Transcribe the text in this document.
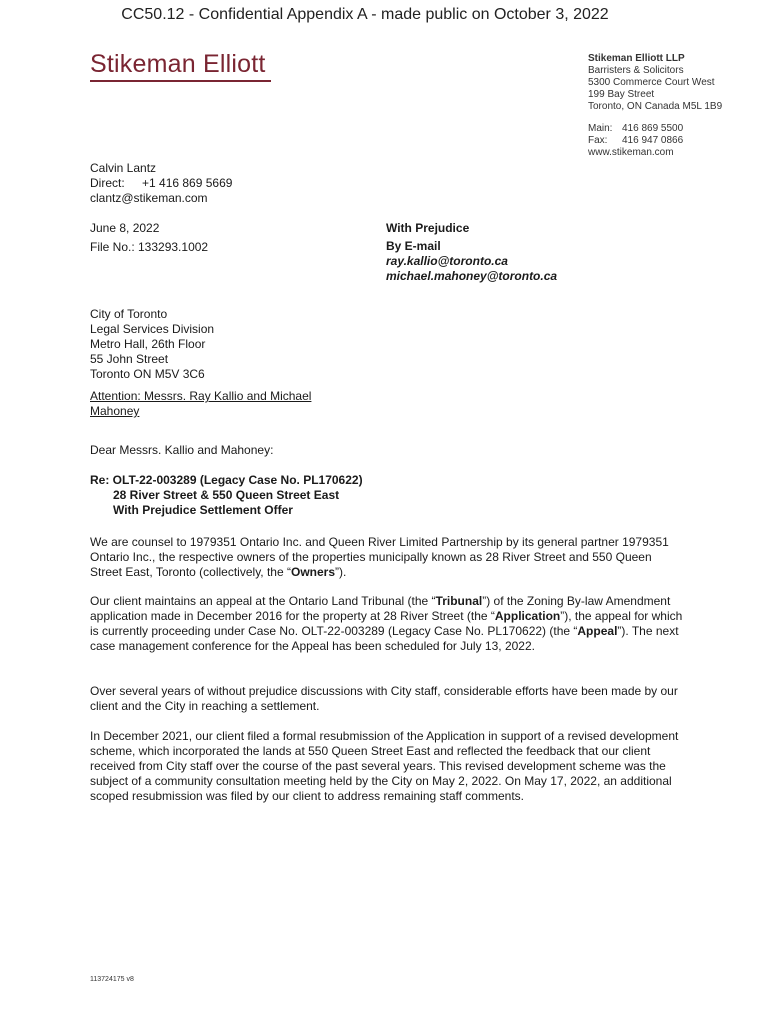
CC50.12 - Confidential Appendix A - made public on October 3, 2022
Stikeman Elliott	Stikeman Elliott LLP
Barristers & Solicitors
5300 Commerce Court West
199 Bay Street
Toronto, ON Canada M5L 1B9
Main: 416 869 5500
Fax: 416 947 0866
www.stikeman.com
Calvin Lantz
Direct: +1 416 869 5669
clantz@stikeman.com
June 8, 2022
File No.: 133293.1002
With Prejudice
By E-mail
ray.kallio@toronto.ca
michael.mahoney@toronto.ca
City of Toronto
Legal Services Division
Metro Hall, 26th Floor
55 John Street
Toronto ON M5V 3C6
Attention: Messrs. Ray Kallio and Michael Mahoney
Dear Messrs. Kallio and Mahoney:
Re: OLT-22-003289 (Legacy Case No. PL170622)
28 River Street & 550 Queen Street East
With Prejudice Settlement Offer

We are counsel to 1979351 Ontario Inc. and Queen River Limited Partnership by its general partner 1979351 Ontario Inc., the respective owners of the properties municipally known as 28 River Street and 550 Queen Street East, Toronto (collectively, the “Owners”).

Our client maintains an appeal at the Ontario Land Tribunal (the “Tribunal”) of the Zoning By-law Amendment application made in December 2016 for the property at 28 River Street (the “Application”), the appeal for which is currently proceeding under Case No. OLT-22-003289 (Legacy Case No. PL170622) (the “Appeal”). The next case management conference for the Appeal has been scheduled for July 13, 2022.

Over several years of without prejudice discussions with City staff, considerable efforts have been made by our client and the City in reaching a settlement.
In December 2021, our client filed a formal resubmission of the Application in support of a revised development scheme, which incorporated the lands at 550 Queen Street East and reflected the feedback that our client received from City staff over the course of the past several years. This revised development scheme was the subject of a community consultation meeting held by the City on May 2, 2022. On May 17, 2022, an additional scoped resubmission was filed by our client to address remaining staff comments.
113724175 v8
